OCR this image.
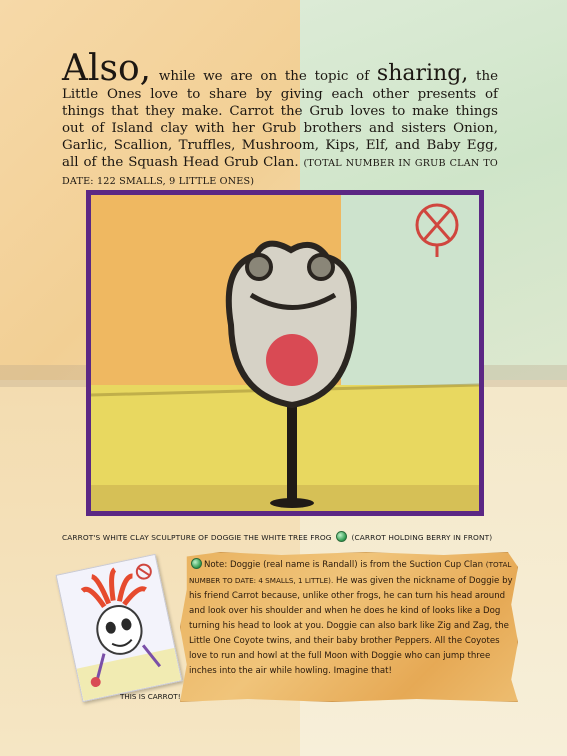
Also, while we are on the topic of sharing, the Little Ones love to share by giving each other presents of things that they make. Carrot the Grub loves to make things out of Island clay with her Grub brothers and sisters Onion, Garlic, Scallion, Truffles, Mushroom, Kips, Elf, and Baby Egg, all of the Squash Head Grub Clan. (TOTAL NUMBER IN GRUB CLAN TO DATE: 122 SMALLS, 9 LITTLE ONES)
CARROT'S WHITE CLAY SCULPTURE OF DOGGIE THE WHITE TREE FROG  (CARROT HOLDING BERRY IN FRONT)
THIS IS CARROT!
Note: Doggie (real name is Randall) is from the Suction Cup Clan (TOTAL NUMBER TO DATE: 4 SMALLS, 1 LITTLE). He was given the nickname of Doggie by his friend Carrot because, unlike other frogs, he can turn his head around and look over his shoulder and when he does he kind of looks like a Dog turning his head to look at you. Doggie can also bark like Zig and Zag, the Little One Coyote twins, and their baby brother Peppers. All the Coyotes love to run and howl at the full Moon with Doggie who can jump three inches into the air while howling. Imagine that!
